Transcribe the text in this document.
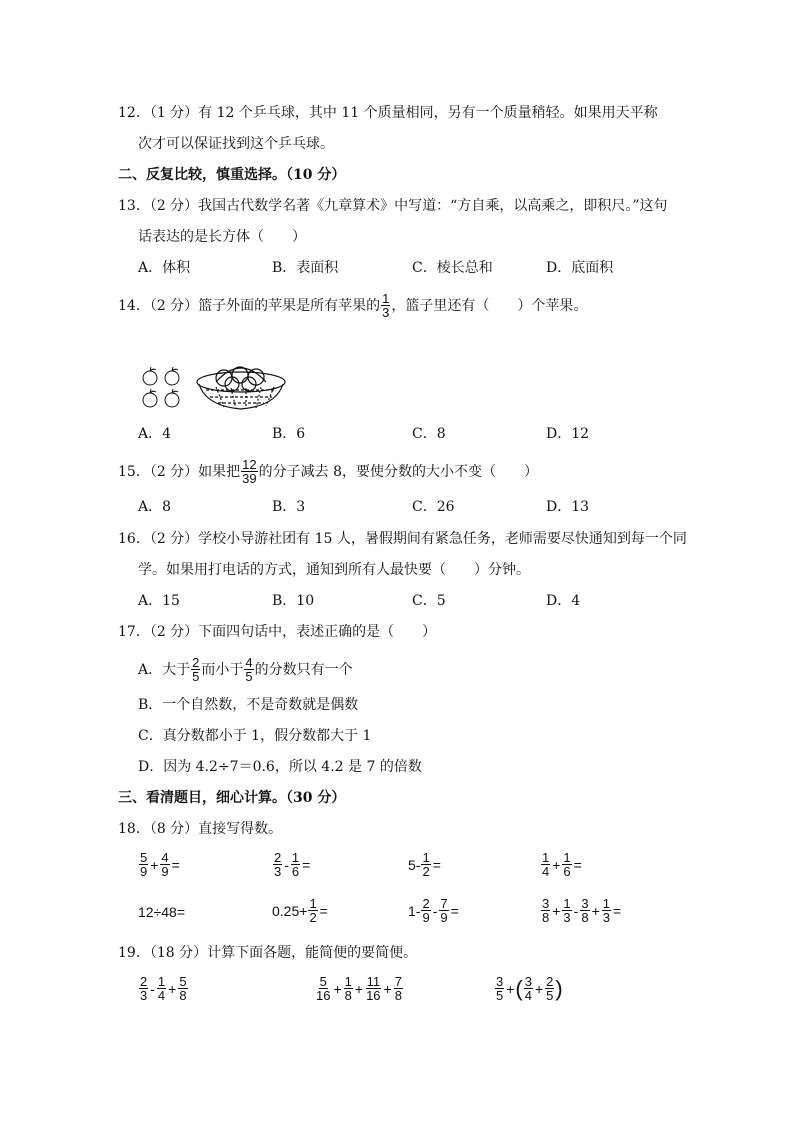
12．（1 分）有 12 个乒乓球，其中 11 个质量相同，另有一个质量稍轻。如果用天平称
次才可以保证找到这个乒乓球。
二、反复比较，慎重选择。（10 分）
13．（2 分）我国古代数学名著《九章算术》中写道：“方自乘，以高乘之，即积尺。”这句
话表达的是长方体（　　）
A．体积	B．表面积	C．棱长总和	D．底面积
14．（2 分）篮子外面的苹果是所有苹果的 $\frac{1}{3}$ ，篮子里还有（　　）个苹果。
A．4	B．6	C．8	D．12
15．（2 分）如果把 $\frac{12}{39}$ 的分子减去 8，要使分数的大小不变（　　）
A．8	B．3	C．26	D．13
16．（2 分）学校小导游社团有 15 人，暑假期间有紧急任务，老师需要尽快通知到每一个同
学。如果用打电话的方式，通知到所有人最快要（　　）分钟。
A．15	B．10	C．5	D．4
17．（2 分）下面四句话中，表述正确的是（　　）
A．大于 $\frac{2}{5}$ 而小于 $\frac{4}{5}$ 的分数只有一个
B．一个自然数，不是奇数就是偶数
C．真分数都小于 1，假分数都大于 1
D．因为 4.2÷7＝0.6，所以 4.2 是 7 的倍数
三、看清题目，细心计算。（30 分）
18．（8 分）直接写得数。
$\frac{5}{9} + \frac{4}{9}$ =	$\frac{2}{3} - \frac{1}{6}$ =	$5- \frac{1}{2}$ =	$\frac{1}{4} + \frac{1}{6}$ =
12÷48=	$0.25+ \frac{1}{2}$ =	$1- \frac{2}{9} - \frac{7}{9}$ =	$\frac{3}{8} + \frac{1}{3} - \frac{3}{8} + \frac{1}{3}$ =
19．（18 分）计算下面各题，能简便的要简便。
$\frac{2}{3} - \frac{1}{4} + \frac{5}{8}$	$\frac{5}{16} + \frac{1}{8} + \frac{11}{16} + \frac{7}{8}$	$\frac{3}{5}$ + ( $\frac{3}{4} + \frac{2}{5}$ )
